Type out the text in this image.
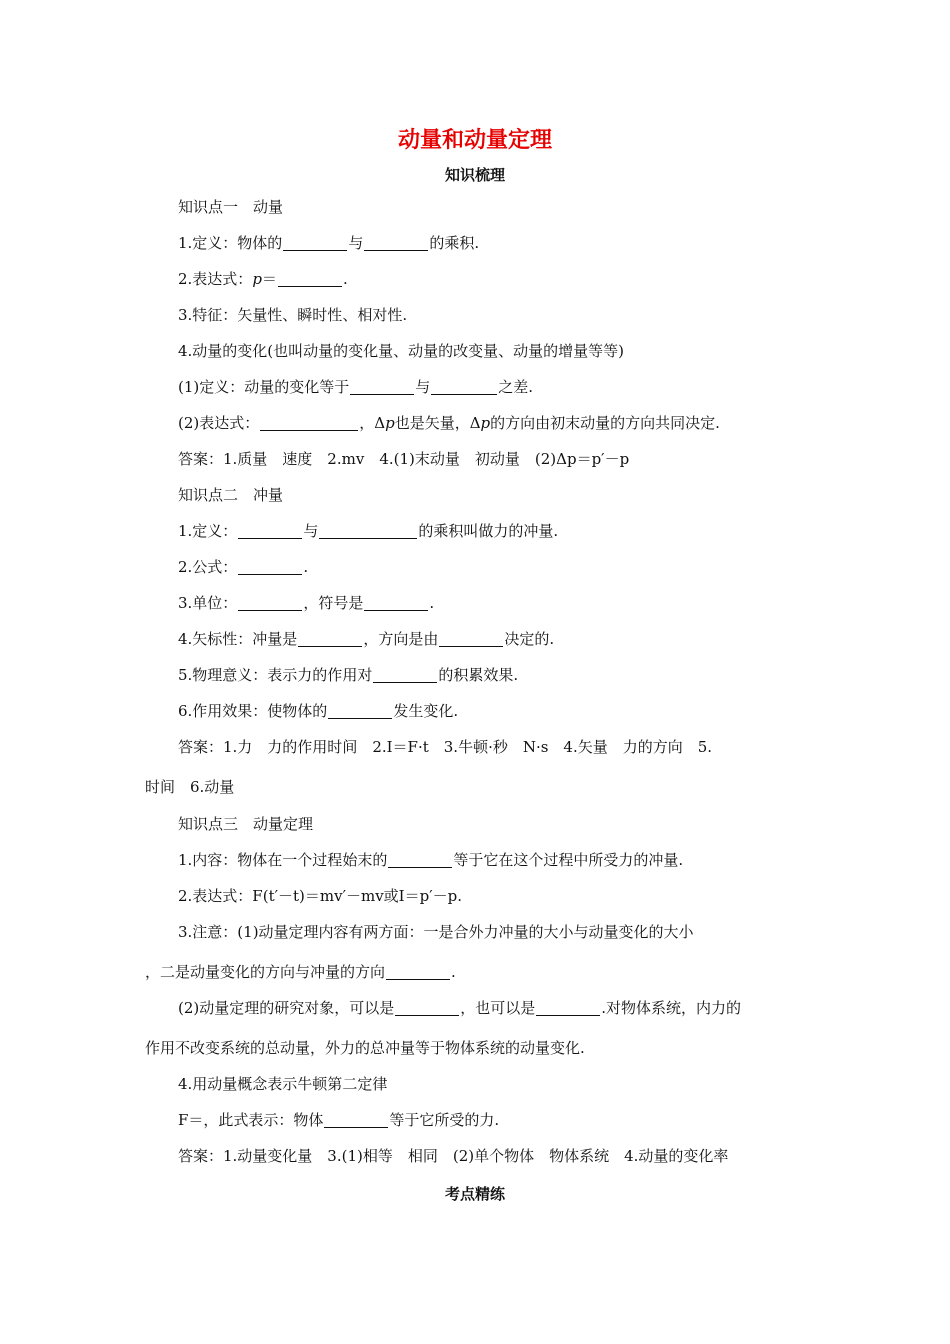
动量和动量定理
知识梳理
知识点一　动量
1.定义：物体的	与	的乘积.
2.表达式：p＝	.
3.特征：矢量性、瞬时性、相对性.
4.动量的变化(也叫动量的变化量、动量的改变量、动量的增量等等)
(1)定义：动量的变化等于	与	之差.
(2)表达式：	，Δp也是矢量，Δp的方向由初末动量的方向共同决定.
答案：1.质量　速度　2.mv　4.(1)末动量　初动量　(2)Δp＝p′－p
知识点二　冲量
1.定义：	与	的乘积叫做力的冲量.
2.公式：	.
3.单位：	，符号是	.
4.矢标性：冲量是	，方向是由	决定的.
5.物理意义：表示力的作用对	的积累效果.
6.作用效果：使物体的	发生变化.
答案：1.力　力的作用时间　2.I＝F·t　3.牛顿·秒　N·s　4.矢量　力的方向　5.
时间　6.动量
知识点三　动量定理
1.内容：物体在一个过程始末的	等于它在这个过程中所受力的冲量.
2.表达式：F(t′－t)＝mv′－mv或I＝p′－p.
3.注意：(1)动量定理内容有两方面：一是合外力冲量的大小与动量变化的大小
，二是动量变化的方向与冲量的方向	.
(2)动量定理的研究对象，可以是	，也可以是	.对物体系统，内力的
作用不改变系统的总动量，外力的总冲量等于物体系统的动量变化.
4.用动量概念表示牛顿第二定律
F＝，此式表示：物体	等于它所受的力.
答案：1.动量变化量　3.(1)相等　相同　(2)单个物体　物体系统　4.动量的变化率
考点精练
